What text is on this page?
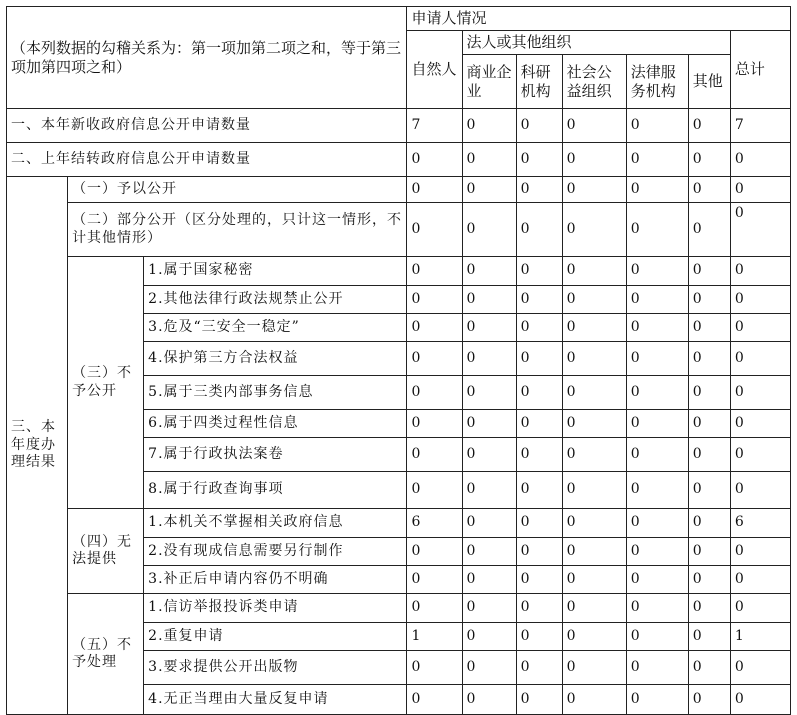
（本列数据的勾稽关系为：第一项加第二项之和，等于第三项加第四项之和）			申请人情况						
			自然人	法人或其他组织					总计
				商业企业	科研机构	社会公益组织	法律服务机构	其他	
一、本年新收政府信息公开申请数量			7	0	0	0	0	0	7
二、上年结转政府信息公开申请数量			0	0	0	0	0	0	0
三、本年度办理结果	（一）予以公开		0	0	0	0	0	0	0
	（二）部分公开（区分处理的，只计这一情形，不计其他情形）		0	0	0	0	0	0	0
	（三）不予公开	1.属于国家秘密	0	0	0	0	0	0	0
		2.其他法律行政法规禁止公开	0	0	0	0	0	0	0
		3.危及“三安全一稳定”	0	0	0	0	0	0	0
		4.保护第三方合法权益	0	0	0	0	0	0	0
		5.属于三类内部事务信息	0	0	0	0	0	0	0
		6.属于四类过程性信息	0	0	0	0	0	0	0
		7.属于行政执法案卷	0	0	0	0	0	0	0
		8.属于行政查询事项	0	0	0	0	0	0	0
	（四）无法提供	1.本机关不掌握相关政府信息	6	0	0	0	0	0	6
		2.没有现成信息需要另行制作	0	0	0	0	0	0	0
		3.补正后申请内容仍不明确	0	0	0	0	0	0	0
	（五）不予处理	1.信访举报投诉类申请	0	0	0	0	0	0	0
		2.重复申请	1	0	0	0	0	0	1
		3.要求提供公开出版物	0	0	0	0	0	0	0
		4.无正当理由大量反复申请	0	0	0	0	0	0	0
